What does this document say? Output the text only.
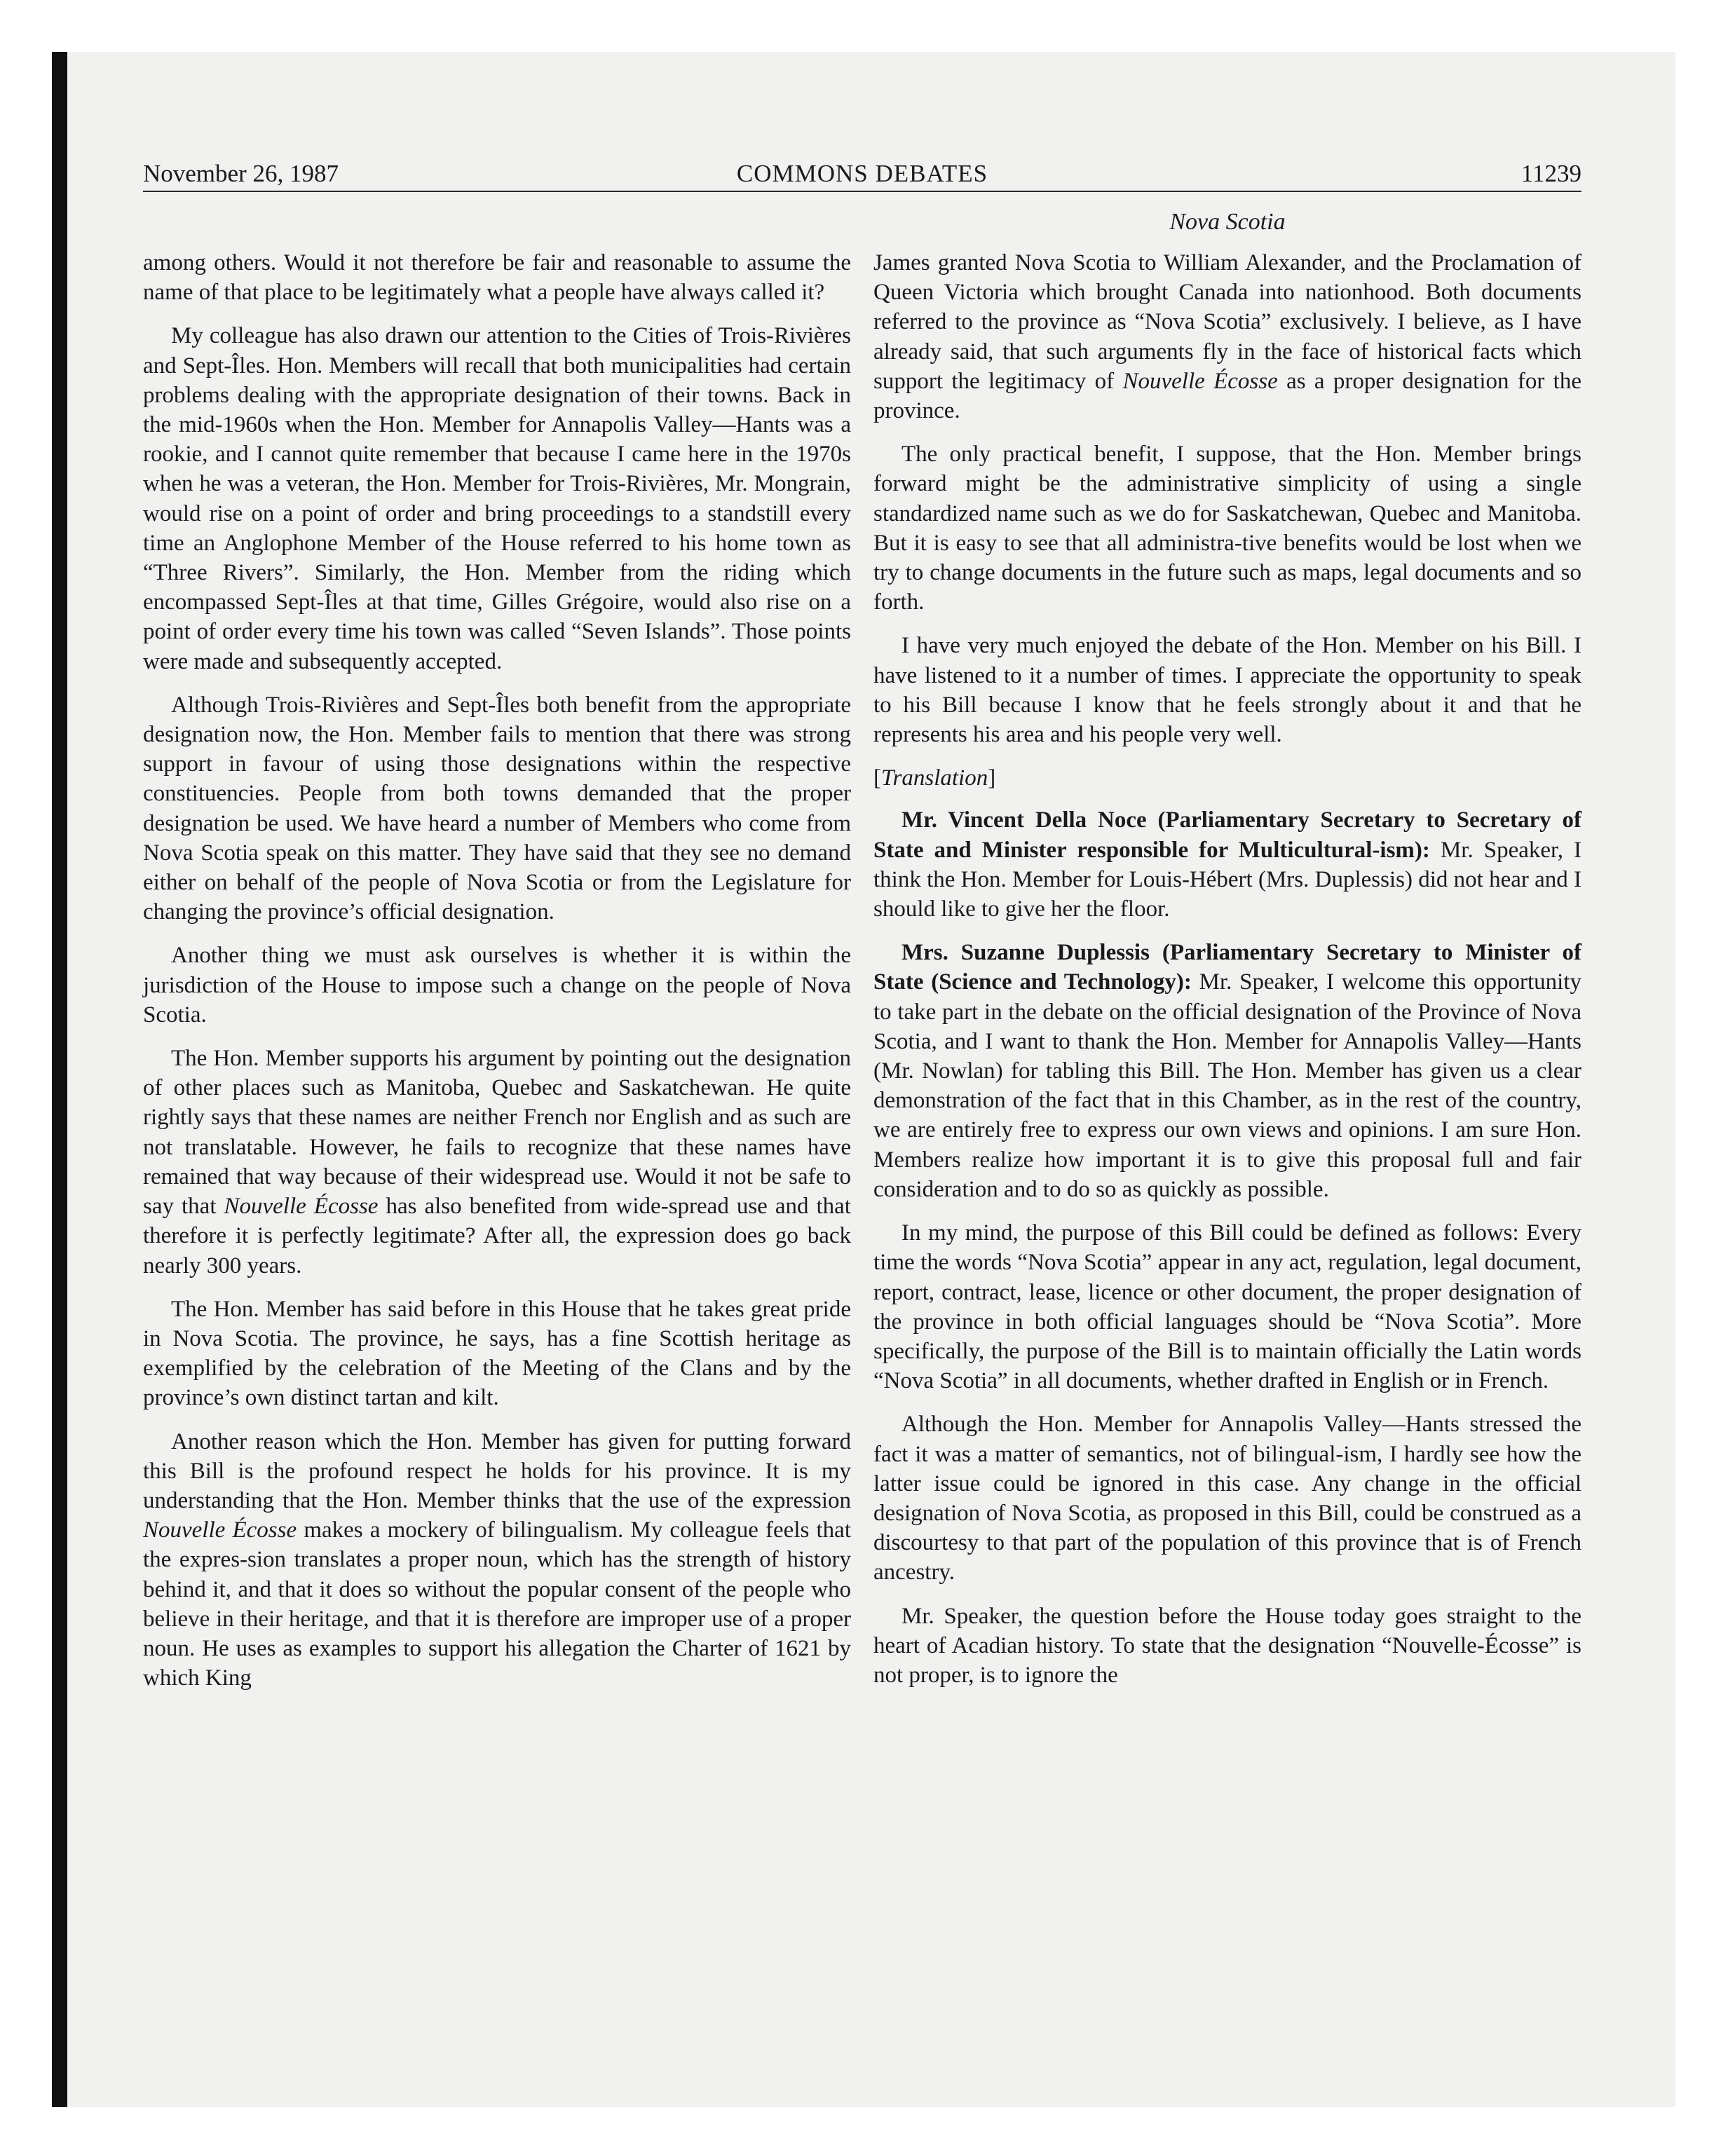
November 26, 1987	COMMONS DEBATES	11239
Nova Scotia

among others. Would it not therefore be fair and reasonable to assume the name of that place to be legitimately what a people have always called it?

My colleague has also drawn our attention to the Cities of Trois-Rivières and Sept-Îles. Hon. Members will recall that both municipalities had certain problems dealing with the appropriate designation of their towns. Back in the mid-1960s when the Hon. Member for Annapolis Valley—Hants was a rookie, and I cannot quite remember that because I came here in the 1970s when he was a veteran, the Hon. Member for Trois-Rivières, Mr. Mongrain, would rise on a point of order and bring proceedings to a standstill every time an Anglophone Member of the House referred to his home town as “Three Rivers”. Similarly, the Hon. Member from the riding which encompassed Sept-Îles at that time, Gilles Grégoire, would also rise on a point of order every time his town was called “Seven Islands”. Those points were made and subsequently accepted.

Although Trois-Rivières and Sept-Îles both benefit from the appropriate designation now, the Hon. Member fails to mention that there was strong support in favour of using those designations within the respective constituencies. People from both towns demanded that the proper designation be used. We have heard a number of Members who come from Nova Scotia speak on this matter. They have said that they see no demand either on behalf of the people of Nova Scotia or from the Legislature for changing the province’s official designation.

Another thing we must ask ourselves is whether it is within the jurisdiction of the House to impose such a change on the people of Nova Scotia.

The Hon. Member supports his argument by pointing out the designation of other places such as Manitoba, Quebec and Saskatchewan. He quite rightly says that these names are neither French nor English and as such are not translatable. However, he fails to recognize that these names have remained that way because of their widespread use. Would it not be safe to say that Nouvelle Écosse has also benefited from wide-spread use and that therefore it is perfectly legitimate? After all, the expression does go back nearly 300 years.

The Hon. Member has said before in this House that he takes great pride in Nova Scotia. The province, he says, has a fine Scottish heritage as exemplified by the celebration of the Meeting of the Clans and by the province’s own distinct tartan and kilt.

Another reason which the Hon. Member has given for putting forward this Bill is the profound respect he holds for his province. It is my understanding that the Hon. Member thinks that the use of the expression Nouvelle Écosse makes a mockery of bilingualism. My colleague feels that the expres-sion translates a proper noun, which has the strength of history behind it, and that it does so without the popular consent of the people who believe in their heritage, and that it is therefore are improper use of a proper noun. He uses as examples to support his allegation the Charter of 1621 by which King

James granted Nova Scotia to William Alexander, and the Proclamation of Queen Victoria which brought Canada into nationhood. Both documents referred to the province as “Nova Scotia” exclusively. I believe, as I have already said, that such arguments fly in the face of historical facts which support the legitimacy of Nouvelle Écosse as a proper designation for the province.

The only practical benefit, I suppose, that the Hon. Member brings forward might be the administrative simplicity of using a single standardized name such as we do for Saskatchewan, Quebec and Manitoba. But it is easy to see that all administra-tive benefits would be lost when we try to change documents in the future such as maps, legal documents and so forth.

I have very much enjoyed the debate of the Hon. Member on his Bill. I have listened to it a number of times. I appreciate the opportunity to speak to his Bill because I know that he feels strongly about it and that he represents his area and his people very well.

[Translation]

Mr. Vincent Della Noce (Parliamentary Secretary to Secretary of State and Minister responsible for Multicultural-ism): Mr. Speaker, I think the Hon. Member for Louis-Hébert (Mrs. Duplessis) did not hear and I should like to give her the floor.

Mrs. Suzanne Duplessis (Parliamentary Secretary to Minister of State (Science and Technology): Mr. Speaker, I welcome this opportunity to take part in the debate on the official designation of the Province of Nova Scotia, and I want to thank the Hon. Member for Annapolis Valley—Hants (Mr. Nowlan) for tabling this Bill. The Hon. Member has given us a clear demonstration of the fact that in this Chamber, as in the rest of the country, we are entirely free to express our own views and opinions. I am sure Hon. Members realize how important it is to give this proposal full and fair consideration and to do so as quickly as possible.

In my mind, the purpose of this Bill could be defined as follows: Every time the words “Nova Scotia” appear in any act, regulation, legal document, report, contract, lease, licence or other document, the proper designation of the province in both official languages should be “Nova Scotia”. More specifically, the purpose of the Bill is to maintain officially the Latin words “Nova Scotia” in all documents, whether drafted in English or in French.

Although the Hon. Member for Annapolis Valley—Hants stressed the fact it was a matter of semantics, not of bilingual-ism, I hardly see how the latter issue could be ignored in this case. Any change in the official designation of Nova Scotia, as proposed in this Bill, could be construed as a discourtesy to that part of the population of this province that is of French ancestry.

Mr. Speaker, the question before the House today goes straight to the heart of Acadian history. To state that the designation “Nouvelle-Écosse” is not proper, is to ignore the
